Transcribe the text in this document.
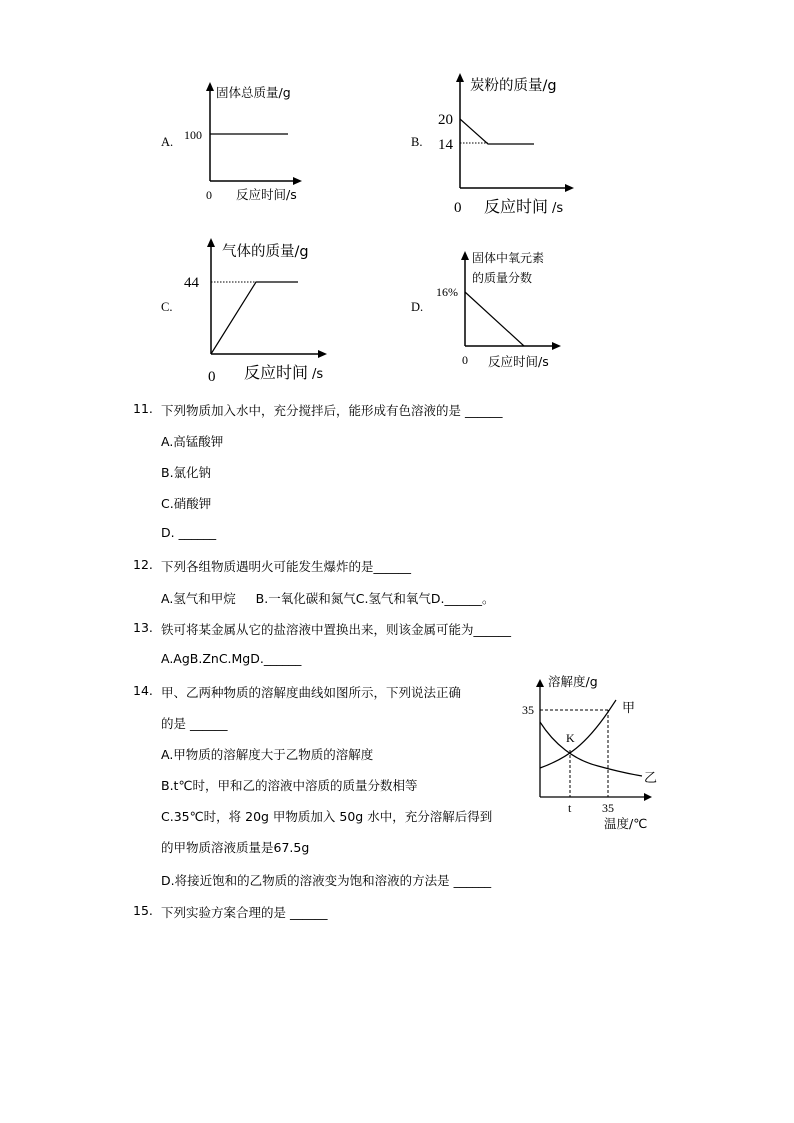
A.
固体总质量/g
100
0 反应时间/s
B.
炭粉的质量/g
20
14
0 反应时间 /s
C.
气体的质量/g
44
0 反应时间 /s
D.
固体中氧元素
的质量分数
16%
0 反应时间/s
11. 下列物质加入水中，充分搅拌后，能形成有色溶液的是 ______
A.高锰酸钾
B.氯化钠
C.硝酸钾
D. ______
12. 下列各组物质遇明火可能发生爆炸的是______
A.氢气和甲烷     B.一氧化碳和氮气C.氢气和氧气D.______。
13. 铁可将某金属从它的盐溶液中置换出来，则该金属可能为______
A.AgB.ZnC.MgD.______
14. 甲、乙两种物质的溶解度曲线如图所示，下列说法正确
的是 ______
A.甲物质的溶解度大于乙物质的溶解度
B.t℃时，甲和乙的溶液中溶质的质量分数相等
C.35℃时，将 20g 甲物质加入 50g 水中，充分溶解后得到
的甲物质溶液质量是67.5g
D.将接近饱和的乙物质的溶液变为饱和溶液的方法是 ______
溶解度/g
35
K
甲
乙
t	35
温度/℃
15. 下列实验方案合理的是 ______
